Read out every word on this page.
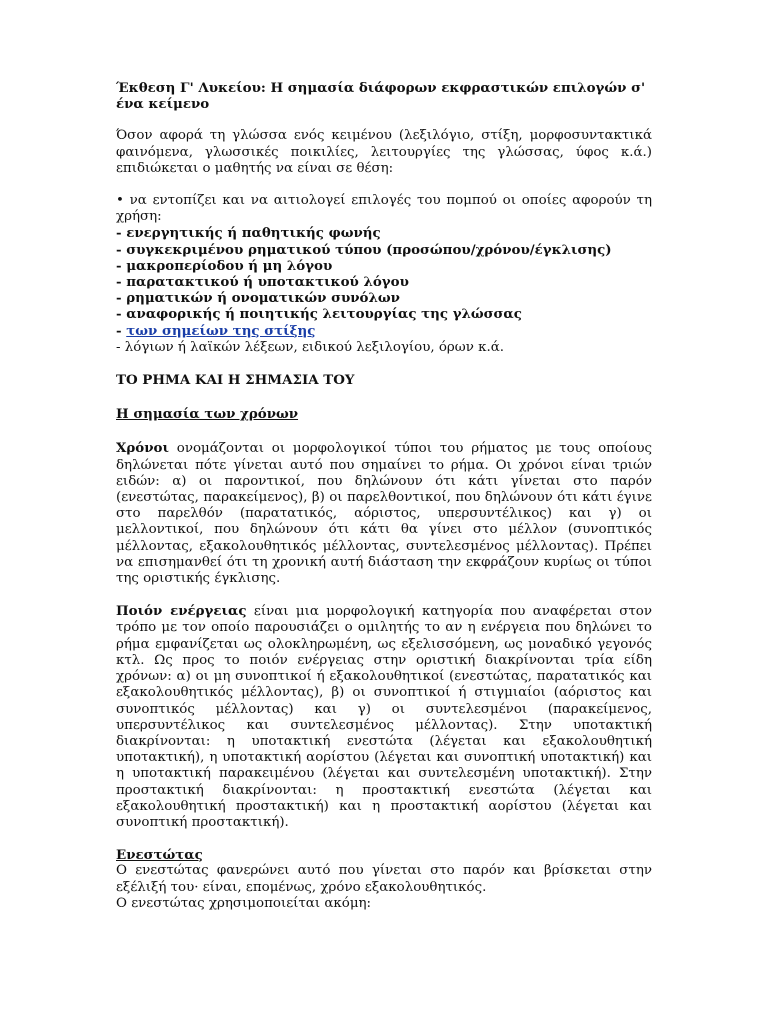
Έκθεση Γ' Λυκείου: Η σημασία διάφορων εκφραστικών επιλογών σ' ένα κείμενο

Όσον αφορά τη γλώσσα ενός κειμένου (λεξιλόγιο, στίξη, μορφοσυντακτικά φαινόμενα, γλωσσικές ποικιλίες, λειτουργίες της γλώσσας, ύφος κ.ά.) επιδιώκεται ο μαθητής να είναι σε θέση:

• να εντοπίζει και να αιτιολογεί επιλογές του πομπού οι οποίες αφορούν τη χρήση:
- ενεργητικής ή παθητικής φωνής
- συγκεκριμένου ρηματικού τύπου (προσώπου/χρόνου/έγκλισης)
- μακροπερίοδου ή μη λόγου
- παρατακτικού ή υποτακτικού λόγου
- ρηματικών ή ονοματικών συνόλων
- αναφορικής ή ποιητικής λειτουργίας της γλώσσας
- των σημείων της στίξης
- λόγιων ή λαϊκών λέξεων, ειδικού λεξιλογίου, όρων κ.ά.

ΤΟ ΡΗΜΑ ΚΑΙ Η ΣΗΜΑΣΙΑ ΤΟΥ

Η σημασία των χρόνων

Χρόνοι ονομάζονται οι μορφολογικοί τύποι του ρήματος με τους οποίους δηλώνεται πότε γίνεται αυτό που σημαίνει το ρήμα. Οι χρόνοι είναι τριών ειδών: α) οι παροντικοί, που δηλώνουν ότι κάτι γίνεται στο παρόν (ενεστώτας, παρακείμενος), β) οι παρελθοντικοί, που δηλώνουν ότι κάτι έγινε στο παρελθόν (παρατατικός, αόριστος, υπερσυντέλικος) και γ) οι μελλοντικοί, που δηλώνουν ότι κάτι θα γίνει στο μέλλον (συνοπτικός μέλλοντας, εξακολουθητικός μέλλοντας, συντελεσμένος μέλλοντας). Πρέπει να επισημανθεί ότι τη χρονική αυτή διάσταση την εκφράζουν κυρίως οι τύποι της οριστικής έγκλισης.

Ποιόν ενέργειας είναι μια μορφολογική κατηγορία που αναφέρεται στον τρόπο με τον οποίο παρουσιάζει ο ομιλητής το αν η ενέργεια που δηλώνει το ρήμα εμφανίζεται ως ολοκληρωμένη, ως εξελισσόμενη, ως μοναδικό γεγονός κτλ. Ως προς το ποιόν ενέργειας στην οριστική διακρίνονται τρία είδη χρόνων: α) οι μη συνοπτικοί ή εξακολουθητικοί (ενεστώτας, παρατατικός και εξακολουθητικός μέλλοντας), β) οι συνοπτικοί ή στιγμιαίοι (αόριστος και συνοπτικός μέλλοντας) και γ) οι συντελεσμένοι (παρακείμενος, υπερσυντέλικος και συντελεσμένος μέλλοντας). Στην υποτακτική διακρίνονται: η υποτακτική ενεστώτα (λέγεται και εξακολουθητική υποτακτική), η υποτακτική αορίστου (λέγεται και συνοπτική υποτακτική) και η υποτακτική παρακειμένου (λέγεται και συντελεσμένη υποτακτική). Στην προστακτική διακρίνονται: η προστακτική ενεστώτα (λέγεται και εξακολουθητική προστακτική) και η προστακτική αορίστου (λέγεται και συνοπτική προστακτική).

Ενεστώτας

Ο ενεστώτας φανερώνει αυτό που γίνεται στο παρόν και βρίσκεται στην εξέλιξή του· είναι, επομένως, χρόνο εξακολουθητικός.

Ο ενεστώτας χρησιμοποιείται ακόμη:
